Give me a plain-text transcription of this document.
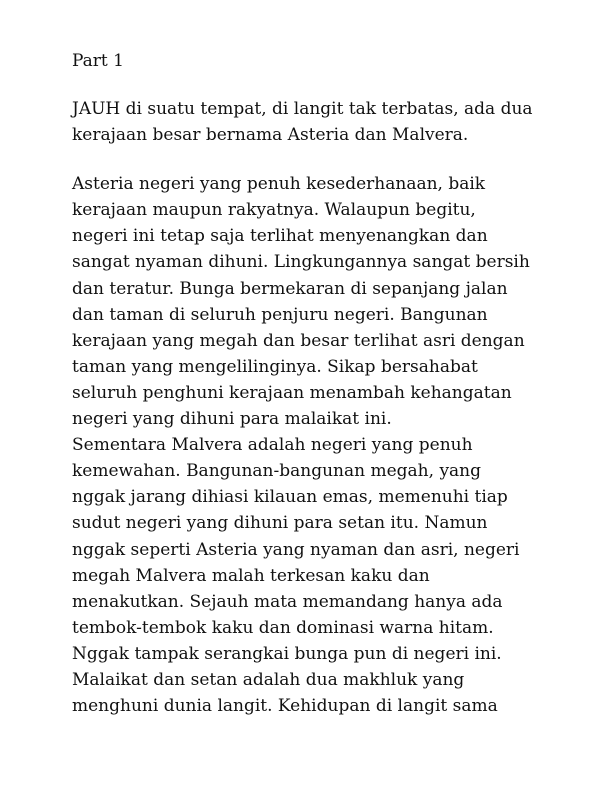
Part 1
JAUH di suatu tempat, di langit tak terbatas, ada dua
kerajaan besar bernama Asteria dan Malvera.
Asteria negeri yang penuh kesederhanaan, baik
kerajaan maupun rakyatnya. Walaupun begitu,
negeri ini tetap saja terlihat menyenangkan dan
sangat nyaman dihuni. Lingkungannya sangat bersih
dan teratur. Bunga bermekaran di sepanjang jalan
dan taman di seluruh penjuru negeri. Bangunan
kerajaan yang megah dan besar terlihat asri dengan
taman yang mengelilinginya. Sikap bersahabat
seluruh penghuni kerajaan menambah kehangatan
negeri yang dihuni para malaikat ini.
Sementara Malvera adalah negeri yang penuh
kemewahan. Bangunan-bangunan megah, yang
nggak jarang dihiasi kilauan emas, memenuhi tiap
sudut negeri yang dihuni para setan itu. Namun
nggak seperti Asteria yang nyaman dan asri, negeri
megah Malvera malah terkesan kaku dan
menakutkan. Sejauh mata memandang hanya ada
tembok-tembok kaku dan dominasi warna hitam.
Nggak tampak serangkai bunga pun di negeri ini.
Malaikat dan setan adalah dua makhluk yang
menghuni dunia langit. Kehidupan di langit sama
